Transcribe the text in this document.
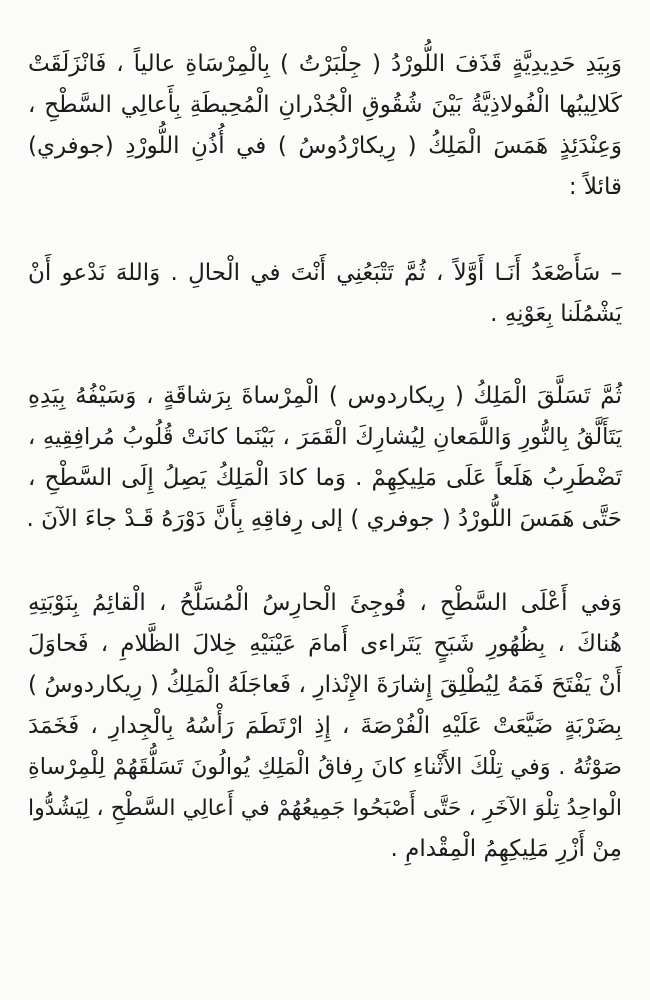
وَبِيَدِ حَدِيدِيَّةٍ قَذَفَ اللُّورْدُ ( جِلْبَرْتُ ) بِالْمِرْسَاةِ عالياً ، فَانْزَلَقَتْ
كَلالِيبُها الْفُولاذِيَّةُ بَيْنَ شُقُوقِ الْجُدْرانِ الْمُحِيطَةِ بِأَعالِي السَّطْحِ ،
وَعِنْدَئِذٍ هَمَسَ الْمَلِكُ ( رِيكارْدُوسُ ) في أُذُنِ اللُّورْدِ (جوفري)
قائلاً :
– سَأَصْعَدُ أَنَـا أَوَّلاً ، ثُمَّ تَتْبَعُنِي أَنْتَ في الْحالِ . وَاللهَ نَدْعو أَنْ
يَشْمُلَنا بِعَوْنِهِ .
ثُمَّ تَسَلَّقَ الْمَلِكُ ( رِيكاردوس ) الْمِرْساةَ بِرَشاقَةٍ ، وَسَيْفُهُ بِيَدِهِ
يَتَأَلَّقُ بِالنُّورِ وَاللَّمَعانِ لِيُشارِكَ الْقَمَرَ ، بَيْنَما كانَتْ قُلُوبُ مُرافِقِيهِ ،
تَضْطَرِبُ هَلَعاً عَلَى مَلِيكِهِمْ . وَما كادَ الْمَلِكُ يَصِلُ إِلَى السَّطْحِ ،
حَتَّى هَمَسَ اللُّورْدُ ( جوفري ) إلى رِفاقِهِ بِأَنَّ دَوْرَهُ قَـدْ جاءَ الآنَ .
وَفي أَعْلَى السَّطْحِ ، فُوجِئَ الْحارِسُ الْمُسَلَّحُ ، الْقائِمُ بِنَوْبَتِهِ
هُناكَ ، بِظُهُورِ شَبَحٍ يَتَراءى أَمامَ عَيْنَيْهِ خِلالَ الظَّلامِ ، فَحاوَلَ
أَنْ يَفْتَحَ فَمَهُ لِيُطْلِقَ إِشارَةَ الإِنْذارِ ، فَعاجَلَهُ الْمَلِكُ ( رِيكاردوسُ )
بِضَرْبَةٍ ضَيَّعَتْ عَلَيْهِ الْفُرْصَةَ ، إِذِ ارْتَطَمَ رَأْسُهُ بِالْجِدارِ ، فَخَمَدَ
صَوْتُهُ . وَفي تِلْكَ الأَثْناءِ كانَ رِفاقُ الْمَلِكِ يُوالُونَ تَسَلُّقَهُمْ لِلْمِرْساةِ
الْواحِدُ تِلْوَ الآخَرِ ، حَتَّى أَصْبَحُوا جَمِيعُهُمْ في أَعالِي السَّطْحِ ، لِيَشُدُّوا
مِنْ أَزْرِ مَلِيكِهِمُ الْمِقْدامِ .
